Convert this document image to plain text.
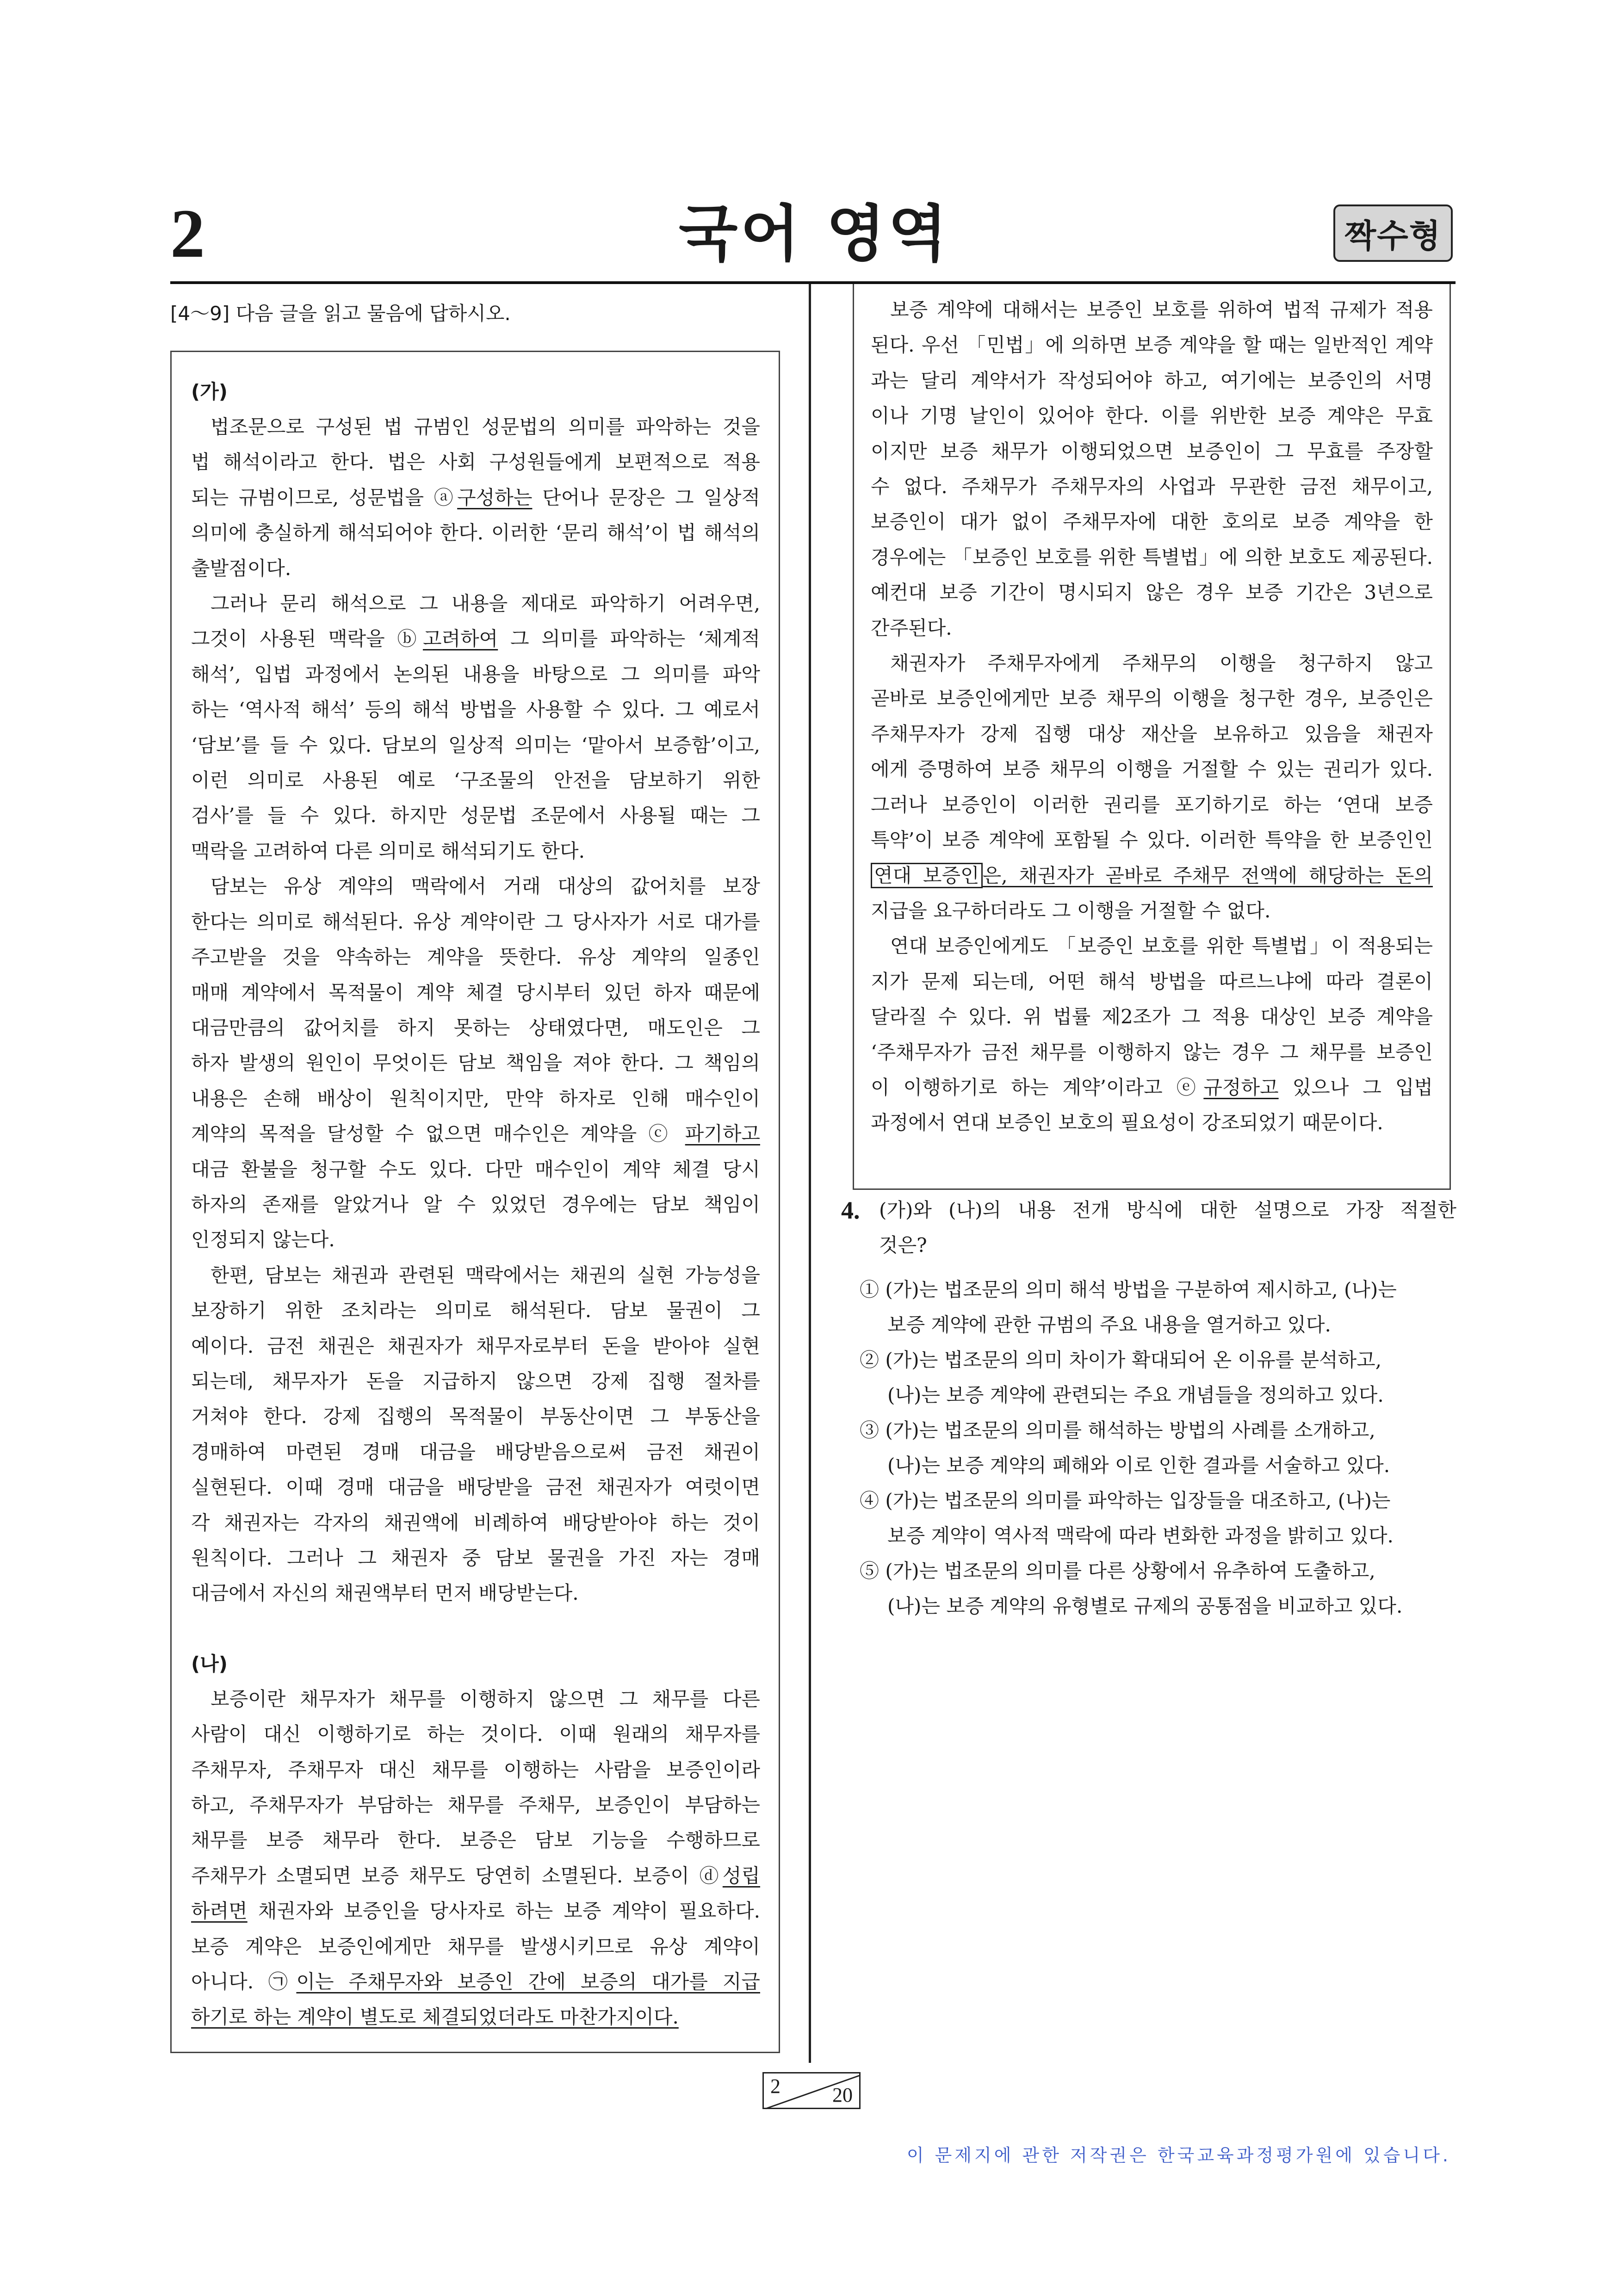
2	국어 영역	짝수형
[4～9] 다음 글을 읽고 물음에 답하시오.
(가)
 법조문으로 구성된 법 규범인 성문법의 의미를 파악하는 것을
법 해석이라고 한다. 법은 사회 구성원들에게 보편적으로 적용
되는 규범이므로, 성문법을 ⓐ구성하는 단어나 문장은 그 일상적
의미에 충실하게 해석되어야 한다. 이러한 ‘문리 해석’이 법 해석의
출발점이다.
 그러나 문리 해석으로 그 내용을 제대로 파악하기 어려우면,
그것이 사용된 맥락을 ⓑ고려하여 그 의미를 파악하는 ‘체계적
해석’, 입법 과정에서 논의된 내용을 바탕으로 그 의미를 파악
하는 ‘역사적 해석’ 등의 해석 방법을 사용할 수 있다. 그 예로서
‘담보’를 들 수 있다. 담보의 일상적 의미는 ‘맡아서 보증함’이고,
이런 의미로 사용된 예로 ‘구조물의 안전을 담보하기 위한
검사’를 들 수 있다. 하지만 성문법 조문에서 사용될 때는 그
맥락을 고려하여 다른 의미로 해석되기도 한다.
 담보는 유상 계약의 맥락에서 거래 대상의 값어치를 보장
한다는 의미로 해석된다. 유상 계약이란 그 당사자가 서로 대가를
주고받을 것을 약속하는 계약을 뜻한다. 유상 계약의 일종인
매매 계약에서 목적물이 계약 체결 당시부터 있던 하자 때문에
대금만큼의 값어치를 하지 못하는 상태였다면, 매도인은 그
하자 발생의 원인이 무엇이든 담보 책임을 져야 한다. 그 책임의
내용은 손해 배상이 원칙이지만, 만약 하자로 인해 매수인이
계약의 목적을 달성할 수 없으면 매수인은 계약을 ⓒ 파기하고
대금 환불을 청구할 수도 있다. 다만 매수인이 계약 체결 당시
하자의 존재를 알았거나 알 수 있었던 경우에는 담보 책임이
인정되지 않는다.
 한편, 담보는 채권과 관련된 맥락에서는 채권의 실현 가능성을
보장하기 위한 조치라는 의미로 해석된다. 담보 물권이 그
예이다. 금전 채권은 채권자가 채무자로부터 돈을 받아야 실현
되는데, 채무자가 돈을 지급하지 않으면 강제 집행 절차를
거쳐야 한다. 강제 집행의 목적물이 부동산이면 그 부동산을
경매하여 마련된 경매 대금을 배당받음으로써 금전 채권이
실현된다. 이때 경매 대금을 배당받을 금전 채권자가 여럿이면
각 채권자는 각자의 채권액에 비례하여 배당받아야 하는 것이
원칙이다. 그러나 그 채권자 중 담보 물권을 가진 자는 경매
대금에서 자신의 채권액부터 먼저 배당받는다.
(나)
 보증이란 채무자가 채무를 이행하지 않으면 그 채무를 다른
사람이 대신 이행하기로 하는 것이다. 이때 원래의 채무자를
주채무자, 주채무자 대신 채무를 이행하는 사람을 보증인이라
하고, 주채무자가 부담하는 채무를 주채무, 보증인이 부담하는
채무를 보증 채무라 한다. 보증은 담보 기능을 수행하므로
주채무가 소멸되면 보증 채무도 당연히 소멸된다. 보증이 ⓓ성립
하려면 채권자와 보증인을 당사자로 하는 보증 계약이 필요하다.
보증 계약은 보증인에게만 채무를 발생시키므로 유상 계약이
아니다. ㉠이는 주채무자와 보증인 간에 보증의 대가를 지급
하기로 하는 계약이 별도로 체결되었더라도 마찬가지이다.
 보증 계약에 대해서는 보증인 보호를 위하여 법적 규제가 적용
된다. 우선 「민법」에 의하면 보증 계약을 할 때는 일반적인 계약
과는 달리 계약서가 작성되어야 하고, 여기에는 보증인의 서명
이나 기명 날인이 있어야 한다. 이를 위반한 보증 계약은 무효
이지만 보증 채무가 이행되었으면 보증인이 그 무효를 주장할
수 없다. 주채무가 주채무자의 사업과 무관한 금전 채무이고,
보증인이 대가 없이 주채무자에 대한 호의로 보증 계약을 한
경우에는 「보증인 보호를 위한 특별법」에 의한 보호도 제공된다.
예컨대 보증 기간이 명시되지 않은 경우 보증 기간은 3년으로
간주된다.
 채권자가 주채무자에게 주채무의 이행을 청구하지 않고
곧바로 보증인에게만 보증 채무의 이행을 청구한 경우, 보증인은
주채무자가 강제 집행 대상 재산을 보유하고 있음을 채권자
에게 증명하여 보증 채무의 이행을 거절할 수 있는 권리가 있다.
그러나 보증인이 이러한 권리를 포기하기로 하는 ‘연대 보증
특약’이 보증 계약에 포함될 수 있다. 이러한 특약을 한 보증인인
연대 보증인 은, 채권자가 곧바로 주채무 전액에 해당하는 돈의
지급을 요구하더라도 그 이행을 거절할 수 없다.
 연대 보증인에게도 「보증인 보호를 위한 특별법」이 적용되는
지가 문제 되는데, 어떤 해석 방법을 따르느냐에 따라 결론이
달라질 수 있다. 위 법률 제2조가 그 적용 대상인 보증 계약을
‘주채무자가 금전 채무를 이행하지 않는 경우 그 채무를 보증인
이 이행하기로 하는 계약’이라고 ⓔ규정하고 있으나 그 입법
과정에서 연대 보증인 보호의 필요성이 강조되었기 때문이다.
4. (가)와 (나)의 내용 전개 방식에 대한 설명으로 가장 적절한
것은?
① (가)는 법조문의 의미 해석 방법을 구분하여 제시하고, (나)는
보증 계약에 관한 규범의 주요 내용을 열거하고 있다.
② (가)는 법조문의 의미 차이가 확대되어 온 이유를 분석하고,
(나)는 보증 계약에 관련되는 주요 개념들을 정의하고 있다.
③ (가)는 법조문의 의미를 해석하는 방법의 사례를 소개하고,
(나)는 보증 계약의 폐해와 이로 인한 결과를 서술하고 있다.
④ (가)는 법조문의 의미를 파악하는 입장들을 대조하고, (나)는
보증 계약이 역사적 맥락에 따라 변화한 과정을 밝히고 있다.
⑤ (가)는 법조문의 의미를 다른 상황에서 유추하여 도출하고,
(나)는 보증 계약의 유형별로 규제의 공통점을 비교하고 있다.
2	20
이 문제지에 관한 저작권은 한국교육과정평가원에 있습니다.
